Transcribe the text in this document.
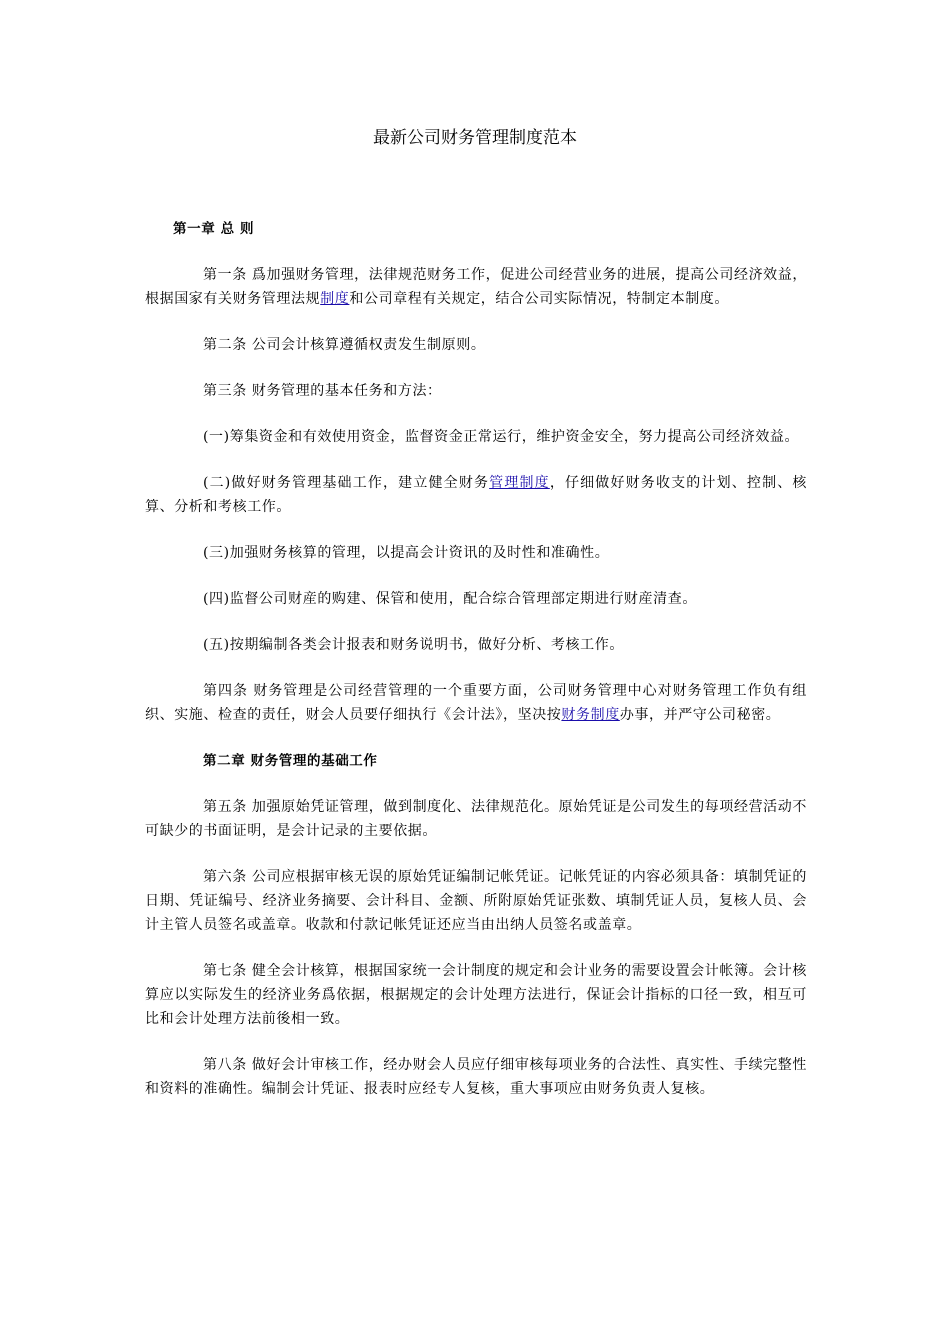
最新公司财务管理制度范本

第一章 总 则

第一条 爲加强财务管理，法律规范财务工作，促进公司经营业务的进展，提高公司经济效益，根据国家有关财务管理法规制度和公司章程有关规定，结合公司实际情况，特制定本制度。

第二条 公司会计核算遵循权责发生制原则。

第三条 财务管理的基本任务和方法：

(一)筹集资金和有效使用资金，监督资金正常运行，维护资金安全，努力提高公司经济效益。

(二)做好财务管理基础工作，建立健全财务管理制度，仔细做好财务收支的计划、控制、核算、分析和考核工作。

(三)加强财务核算的管理，以提高会计资讯的及时性和准确性。

(四)监督公司财産的购建、保管和使用，配合综合管理部定期进行财産清查。

(五)按期编制各类会计报表和财务说明书，做好分析、考核工作。

第四条 财务管理是公司经营管理的一个重要方面，公司财务管理中心对财务管理工作负有组织、实施、检查的责任，财会人员要仔细执行《会计法》，坚决按财务制度办事，并严守公司秘密。

第二章 财务管理的基础工作

第五条 加强原始凭证管理，做到制度化、法律规范化。原始凭证是公司发生的每项经营活动不可缺少的书面证明，是会计记录的主要依据。

第六条 公司应根据审核无误的原始凭证编制记帐凭证。记帐凭证的内容必须具备：填制凭证的日期、凭证编号、经济业务摘要、会计科目、金额、所附原始凭证张数、填制凭证人员，复核人员、会计主管人员签名或盖章。收款和付款记帐凭证还应当由出纳人员签名或盖章。

第七条 健全会计核算，根据国家统一会计制度的规定和会计业务的需要设置会计帐簿。会计核算应以实际发生的经济业务爲依据，根据规定的会计处理方法进行，保证会计指标的口径一致，相互可比和会计处理方法前後相一致。

第八条 做好会计审核工作，经办财会人员应仔细审核每项业务的合法性、真实性、手续完整性和资料的准确性。编制会计凭证、报表时应经专人复核，重大事项应由财务负责人复核。
